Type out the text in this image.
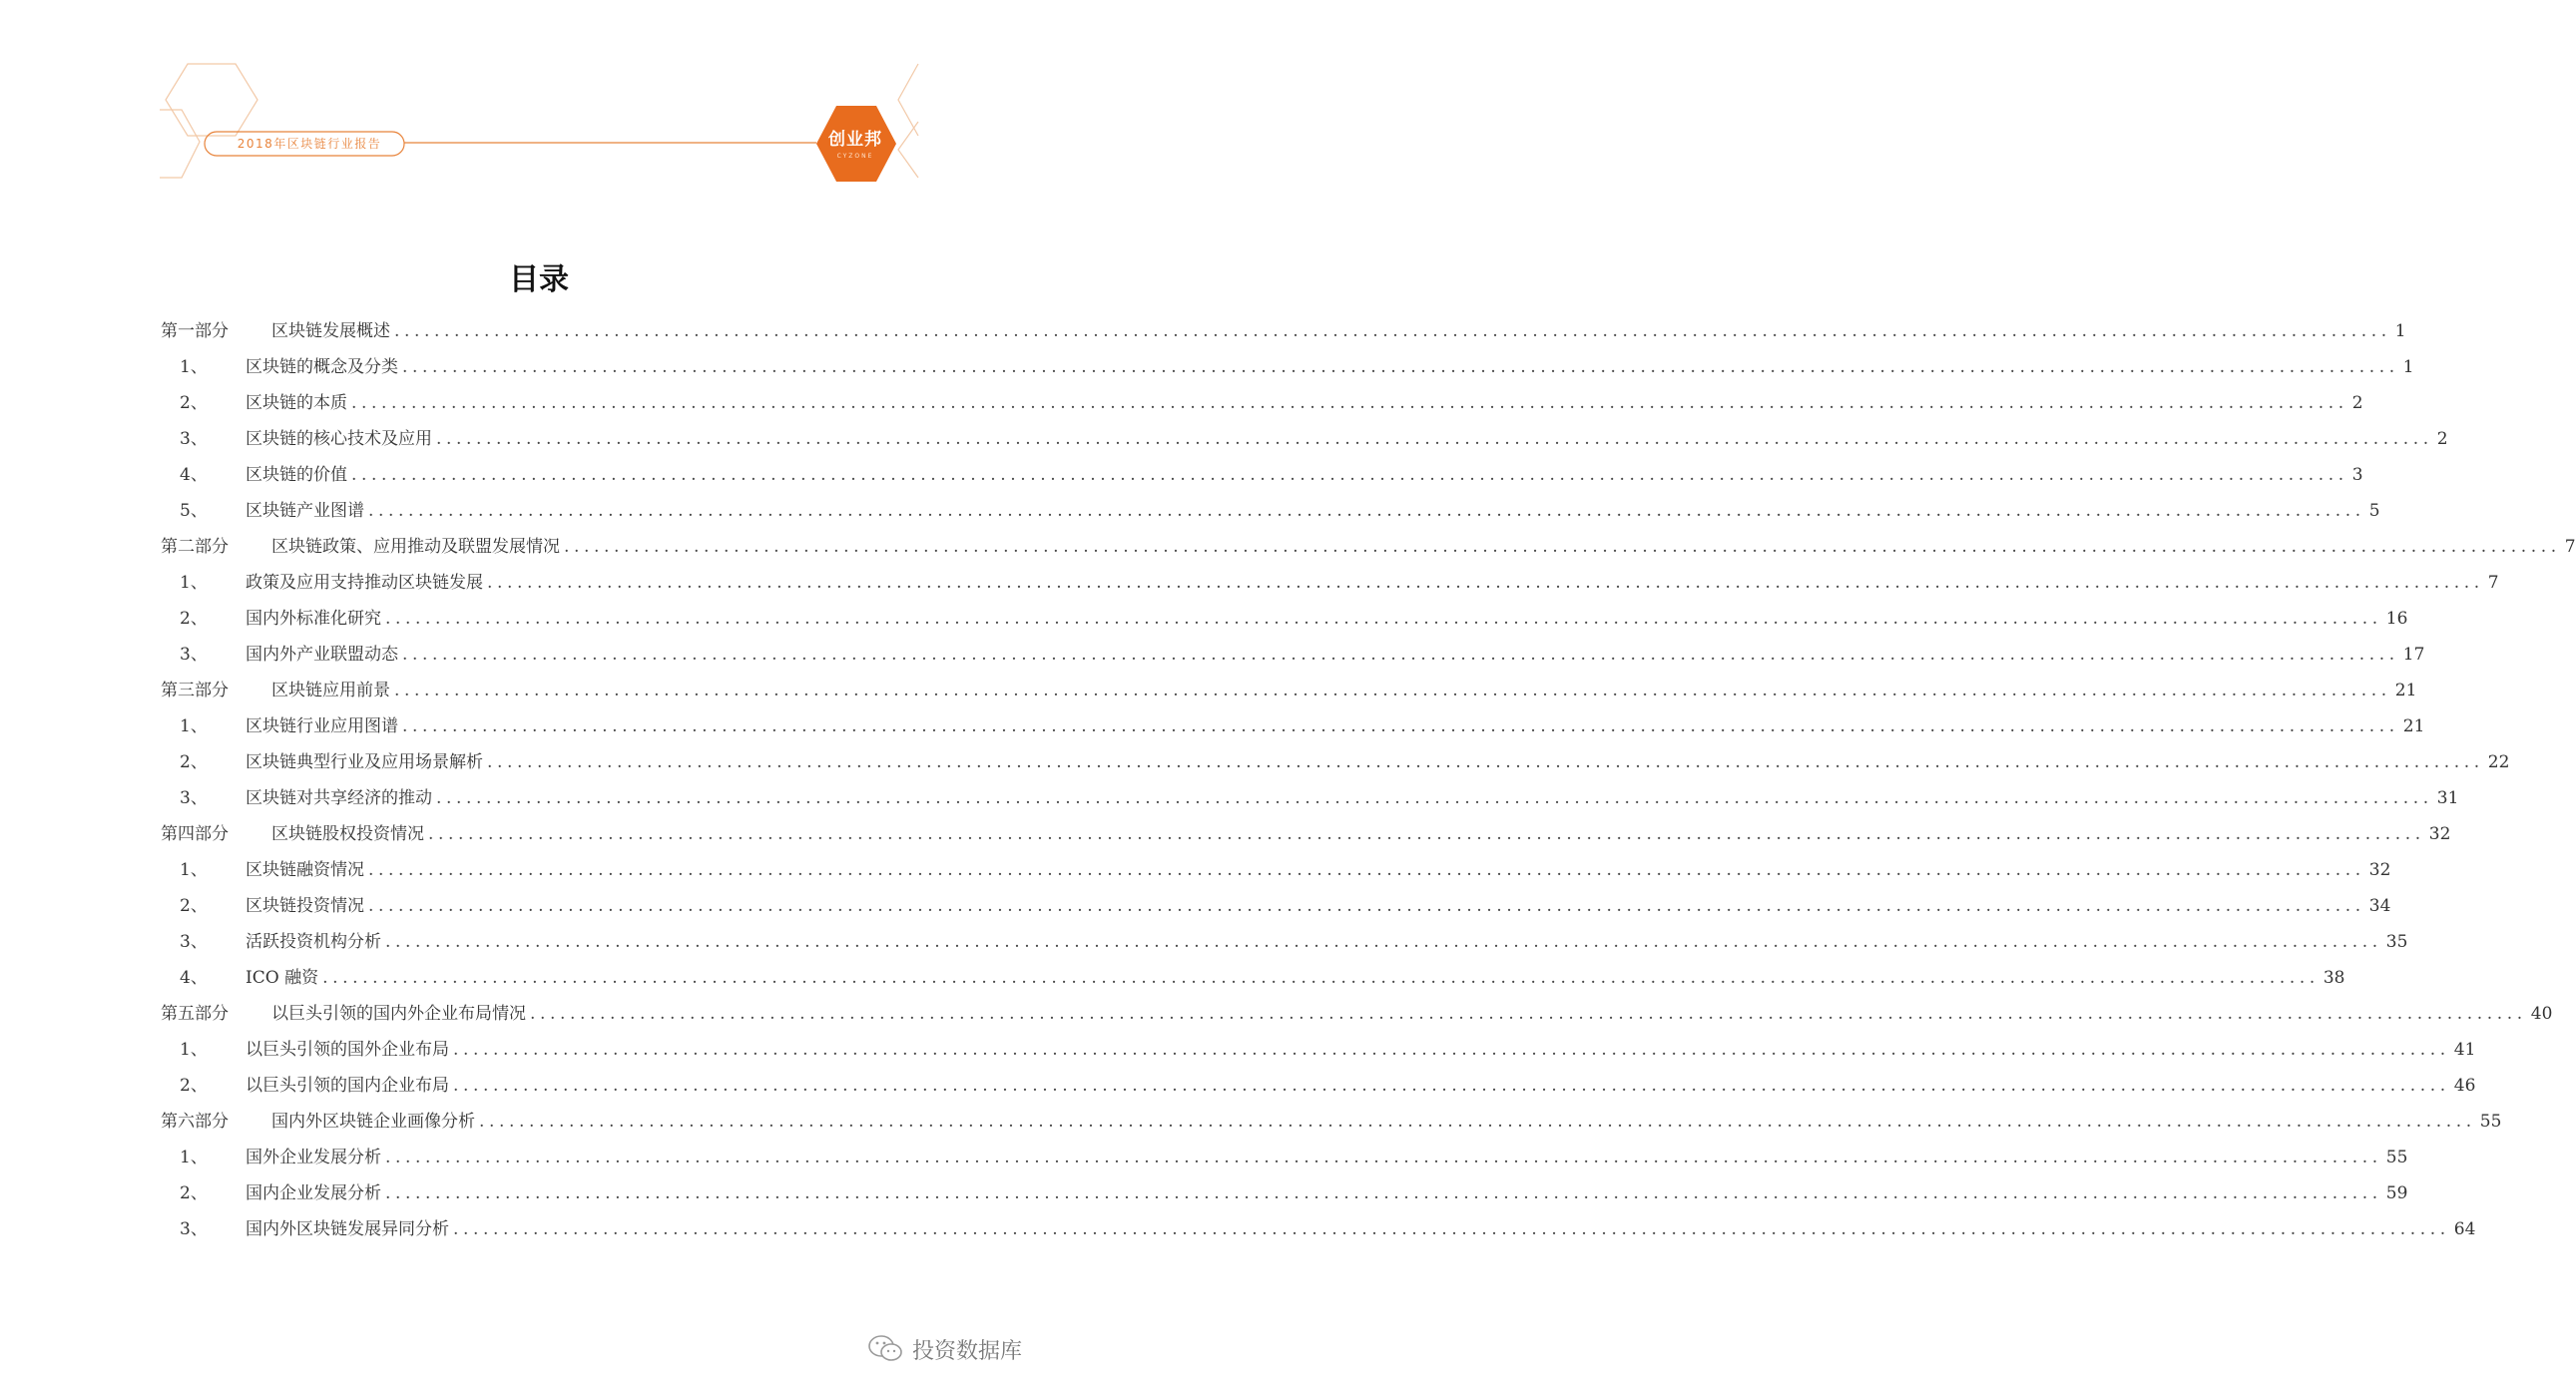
2018年区块链行业报告	创业邦
CYZONE
目录
第一部分	区块链发展概述 ........................................................................................................................................................................................................ 1
1、 区块链的概念及分类 ........................................................................................................................................................................................................ 1
2、 区块链的本质 ........................................................................................................................................................................................................ 2
3、 区块链的核心技术及应用 ........................................................................................................................................................................................................ 2
4、 区块链的价值 ........................................................................................................................................................................................................ 3
5、 区块链产业图谱 ........................................................................................................................................................................................................ 5
第二部分	区块链政策、应用推动及联盟发展情况 ........................................................................................................................................................................................................ 7
1、 政策及应用支持推动区块链发展 ........................................................................................................................................................................................................ 7
2、 国内外标准化研究 ........................................................................................................................................................................................................ 16
3、 国内外产业联盟动态 ........................................................................................................................................................................................................ 17
第三部分	区块链应用前景 ........................................................................................................................................................................................................ 21
1、 区块链行业应用图谱 ........................................................................................................................................................................................................ 21
2、 区块链典型行业及应用场景解析 ........................................................................................................................................................................................................ 22
3、 区块链对共享经济的推动 ........................................................................................................................................................................................................ 31
第四部分	区块链股权投资情况 ........................................................................................................................................................................................................ 32
1、 区块链融资情况 ........................................................................................................................................................................................................ 32
2、 区块链投资情况 ........................................................................................................................................................................................................ 34
3、 活跃投资机构分析 ........................................................................................................................................................................................................ 35
4、 ICO 融资 ........................................................................................................................................................................................................ 38
第五部分	以巨头引领的国内外企业布局情况 ........................................................................................................................................................................................................ 40
1、 以巨头引领的国外企业布局 ........................................................................................................................................................................................................ 41
2、 以巨头引领的国内企业布局 ........................................................................................................................................................................................................ 46
第六部分	国内外区块链企业画像分析 ........................................................................................................................................................................................................ 55
1、 国外企业发展分析 ........................................................................................................................................................................................................ 55
2、 国内企业发展分析 ........................................................................................................................................................................................................ 59
3、 国内外区块链发展异同分析 ........................................................................................................................................................................................................ 64
投资数据库
